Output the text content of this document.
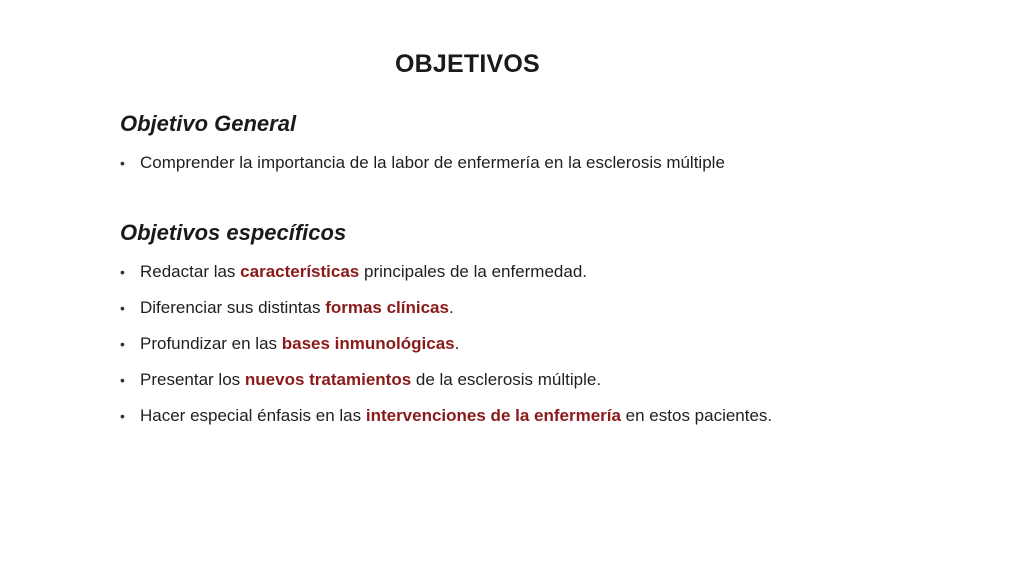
OBJETIVOS
Objetivo General
• Comprender la importancia de la labor de enfermería en la esclerosis múltiple
Objetivos específicos
• Redactar las características principales de la enfermedad.
• Diferenciar sus distintas formas clínicas.
• Profundizar en las bases inmunológicas.
• Presentar los nuevos tratamientos de la esclerosis múltiple.
• Hacer especial énfasis en las intervenciones de la enfermería en estos pacientes.
